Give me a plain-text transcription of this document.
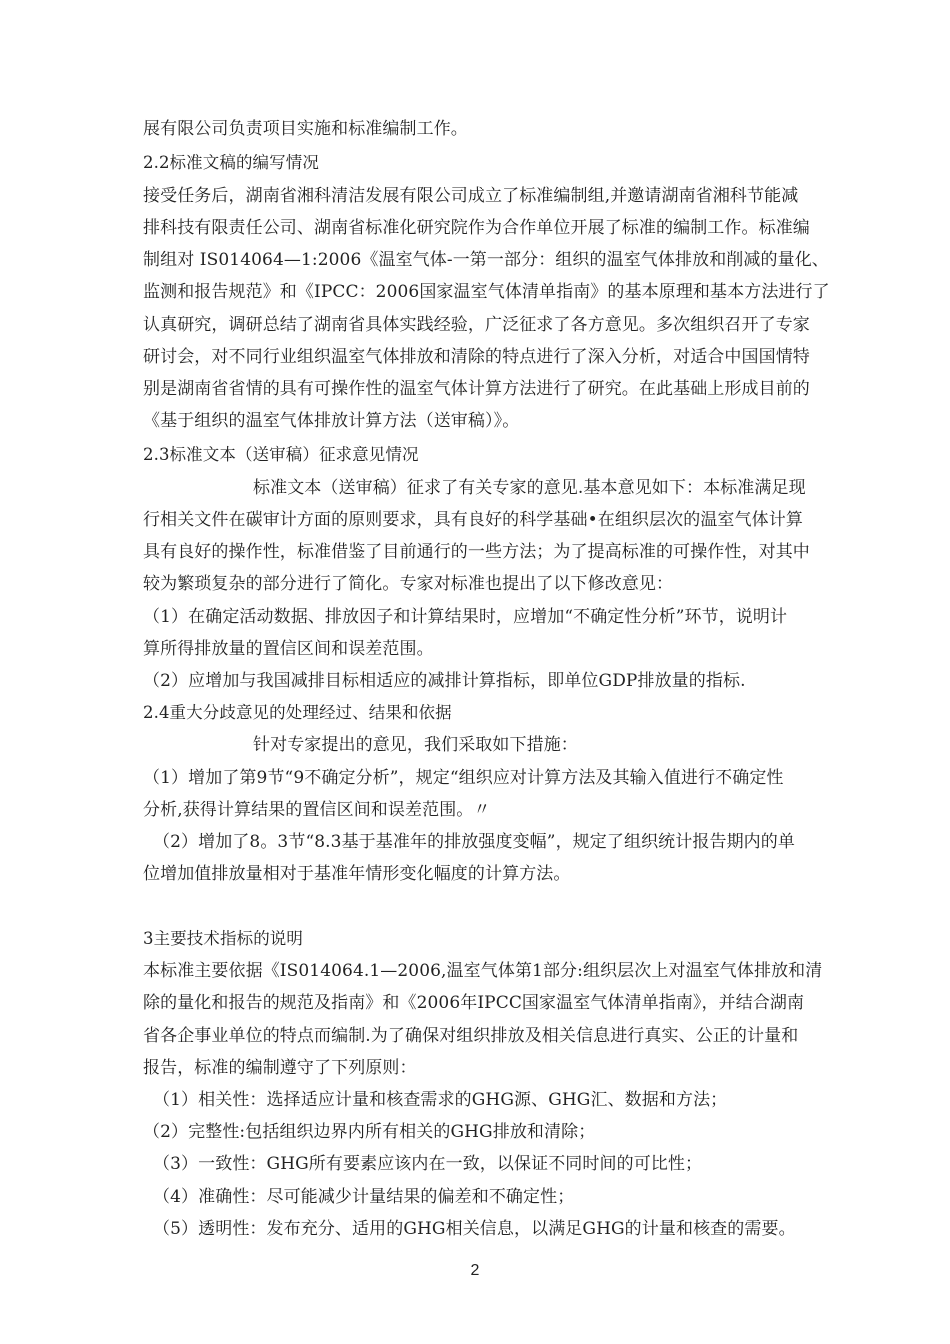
展有限公司负责项目实施和标准编制工作。
2.2标准文稿的编写情况
接受任务后，湖南省湘科清洁发展有限公司成立了标准编制组,并邀请湖南省湘科节能减
排科技有限责任公司、湖南省标准化研究院作为合作单位开展了标准的编制工作。标准编
制组对 IS014064—1:2006《温室气体-一第一部分：组织的温室气体排放和削减的量化、
监测和报告规范》和《IPCC：2006国家温室气体清单指南》的基本原理和基本方法进行了
认真研究，调研总结了湖南省具体实践经验，广泛征求了各方意见。多次组织召开了专家
研讨会，对不同行业组织温室气体排放和清除的特点进行了深入分析，对适合中国国情特
别是湖南省省情的具有可操作性的温室气体计算方法进行了研究。在此基础上形成目前的
《基于组织的温室气体排放计算方法（送审稿）》。
2.3标准文本（送审稿）征求意见情况
标准文本（送审稿）征求了有关专家的意见.基本意见如下：本标准满足现
行相关文件在碳审计方面的原则要求，具有良好的科学基础•在组织层次的温室气体计算
具有良好的操作性，标准借鉴了目前通行的一些方法；为了提高标准的可操作性，对其中
较为繁琐复杂的部分进行了简化。专家对标准也提出了以下修改意见：
（1）在确定活动数据、排放因子和计算结果时，应增加“不确定性分析”环节，说明计
算所得排放量的置信区间和误差范围。
（2）应增加与我国减排目标相适应的减排计算指标，即单位GDP排放量的指标.
2.4重大分歧意见的处理经过、结果和依据
针对专家提出的意见，我们采取如下措施：
（1）增加了第9节“9不确定分析”，规定“组织应对计算方法及其输入值进行不确定性
分析,获得计算结果的置信区间和误差范围。〃
（2）增加了8。3节“8.3基于基准年的排放强度变幅”，规定了组织统计报告期内的单
位增加值排放量相对于基准年情形变化幅度的计算方法。
3主要技术指标的说明
本标准主要依据《IS014064.1—2006,温室气体第1部分:组织层次上对温室气体排放和清
除的量化和报告的规范及指南》和《2006年IPCC国家温室气体清单指南》，并结合湖南
省各企事业单位的特点而编制.为了确保对组织排放及相关信息进行真实、公正的计量和
报告，标准的编制遵守了下列原则：
（1）相关性：选择适应计量和核查需求的GHG源、GHG汇、数据和方法；
（2）完整性:包括组织边界内所有相关的GHG排放和清除；
（3）一致性：GHG所有要素应该内在一致，以保证不同时间的可比性；
（4）准确性：尽可能减少计量结果的偏差和不确定性；
（5）透明性：发布充分、适用的GHG相关信息，以满足GHG的计量和核查的需要。
2
